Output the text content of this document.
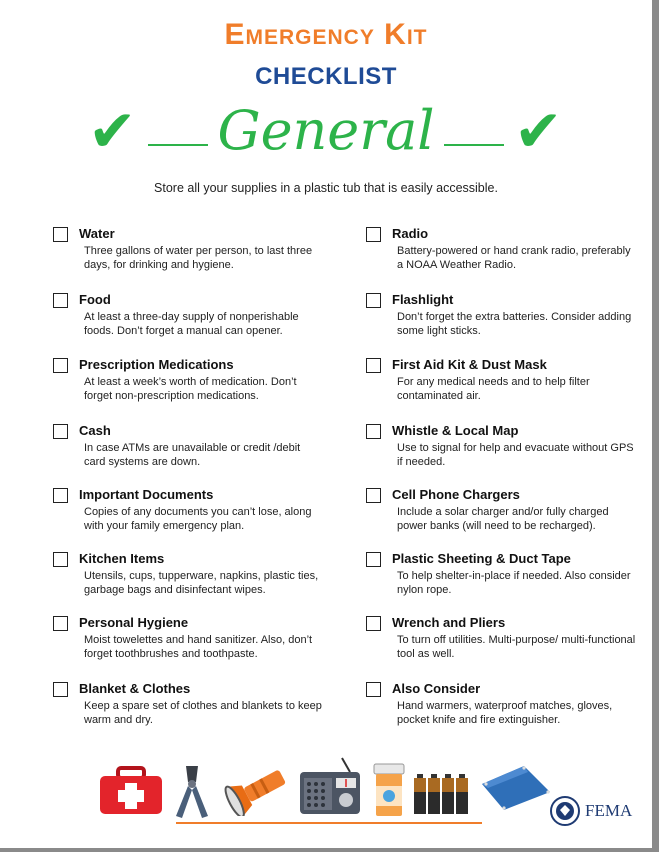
Emergency Kit
CHECKLIST
✔ General ✔
Store all your supplies in a plastic tub that is easily accessible.
Water
Three gallons of water per person, to last three days, for drinking and hygiene.
Food
At least a three-day supply of nonperishable foods. Don’t forget a manual can opener.
Prescription Medications
At least a week’s worth of medication. Don’t forget non-prescription medications.
Cash
In case ATMs are unavailable or credit /debit card systems are down.
Important Documents
Copies of any documents you can’t lose, along with your family emergency plan.
Kitchen Items
Utensils, cups, tupperware, napkins, plastic ties, garbage bags and disinfectant wipes.
Personal Hygiene
Moist towelettes and hand sanitizer. Also, don’t forget toothbrushes and toothpaste.
Blanket & Clothes
Keep a spare set of clothes and blankets to keep warm and dry.
Radio
Battery-powered or hand crank radio, preferably a NOAA Weather Radio.
Flashlight
Don’t forget the extra batteries. Consider adding some light sticks.
First Aid Kit & Dust Mask
For any medical needs and to help filter contaminated air.
Whistle & Local Map
Use to signal for help and evacuate without GPS if needed.
Cell Phone Chargers
Include a solar charger and/or fully charged power banks (will need to be recharged).
Plastic Sheeting & Duct Tape
To help shelter-in-place if needed. Also consider nylon rope.
Wrench and Pliers
To turn off utilities. Multi-purpose/ multi-functional tool as well.
Also Consider
Hand warmers, waterproof matches, gloves, pocket knife and fire extinguisher.
FEMA
